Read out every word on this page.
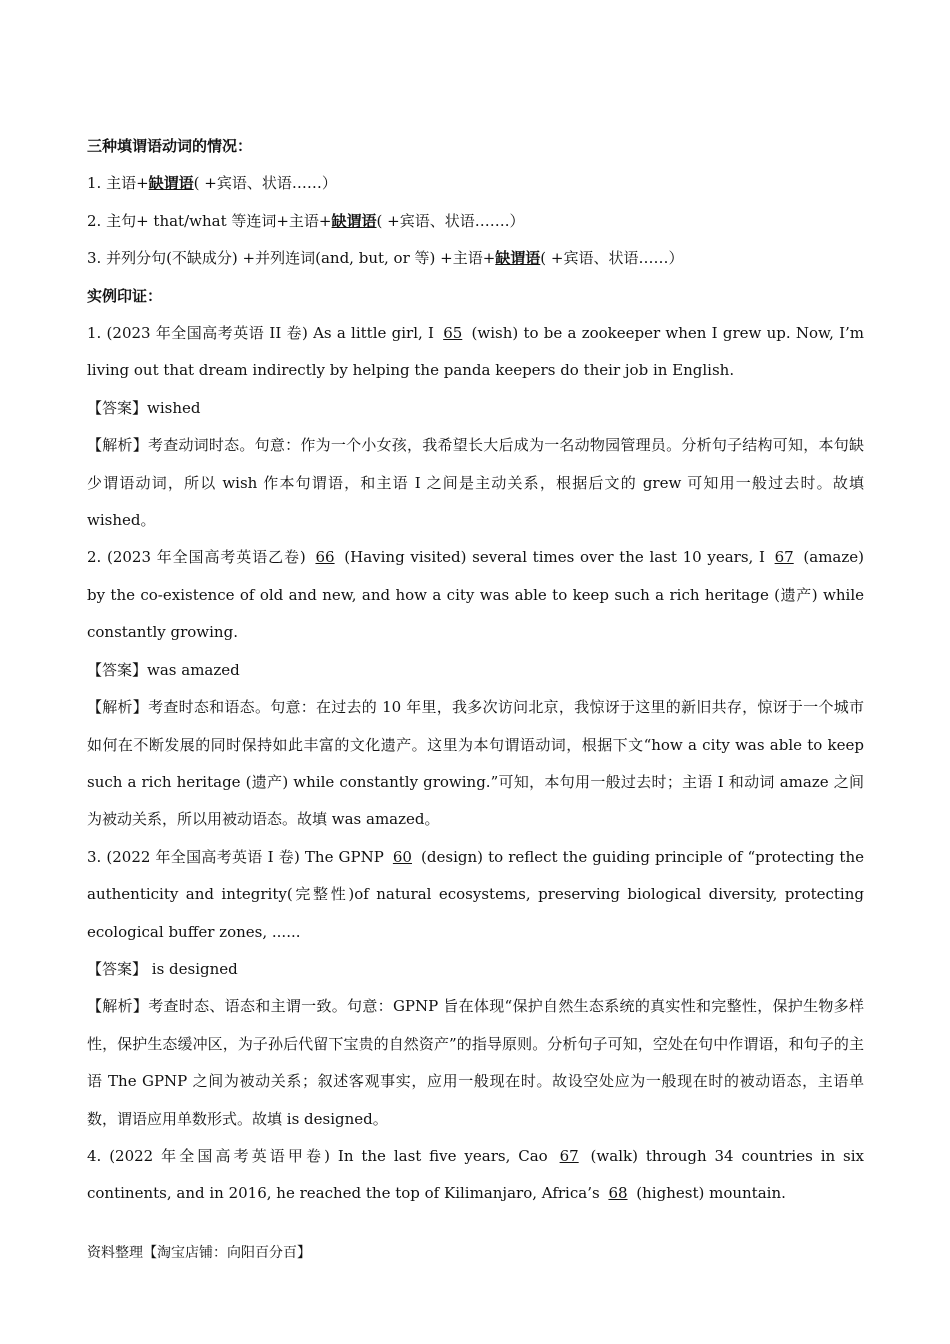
三种填谓语动词的情况：
1. 主语+缺谓语( +宾语、状语……）
2. 主句+ that/what 等连词+主语+缺谓语( +宾语、状语…….）
3. 并列分句(不缺成分) +并列连词(and, but, or 等) +主语+缺谓语( +宾语、状语……）
实例印证：
1. (2023 年全国高考英语 II 卷) As a little girl, I 65 (wish) to be a zookeeper when I grew up. Now, I’m living out that dream indirectly by helping the panda keepers do their job in English.
【答案】wished
【解析】考查动词时态。句意：作为一个小女孩，我希望长大后成为一名动物园管理员。分析句子结构可知，本句缺少谓语动词，所以 wish 作本句谓语，和主语 I 之间是主动关系，根据后文的 grew 可知用一般过去时。故填 wished。
2. (2023 年全国高考英语乙卷) 66 (Having visited) several times over the last 10 years, I 67 (amaze) by the co-existence of old and new, and how a city was able to keep such a rich heritage (遗产) while constantly growing.
【答案】was amazed
【解析】考查时态和语态。句意：在过去的 10 年里，我多次访问北京，我惊讶于这里的新旧共存，惊讶于一个城市如何在不断发展的同时保持如此丰富的文化遗产。这里为本句谓语动词，根据下文“how a city was able to keep such a rich heritage (遗产) while constantly growing.”可知，本句用一般过去时；主语 I 和动词 amaze 之间为被动关系，所以用被动语态。故填 was amazed。
3. (2022 年全国高考英语 I 卷) The GPNP 60 (design) to reflect the guiding principle of “protecting the authenticity and integrity(完整性)of natural ecosystems, preserving biological diversity, protecting ecological buffer zones, ......
【答案】 is designed
【解析】考查时态、语态和主谓一致。句意：GPNP 旨在体现“保护自然生态系统的真实性和完整性，保护生物多样性，保护生态缓冲区，为子孙后代留下宝贵的自然资产”的指导原则。分析句子可知，空处在句中作谓语，和句子的主语 The GPNP 之间为被动关系；叙述客观事实，应用一般现在时。故设空处应为一般现在时的被动语态，主语单数，谓语应用单数形式。故填 is designed。
4. (2022 年全国高考英语甲卷) In the last five years, Cao 67 (walk) through 34 countries in six continents, and in 2016, he reached the top of Kilimanjaro, Africa’s 68 (highest) mountain.
资料整理【淘宝店铺：向阳百分百】
